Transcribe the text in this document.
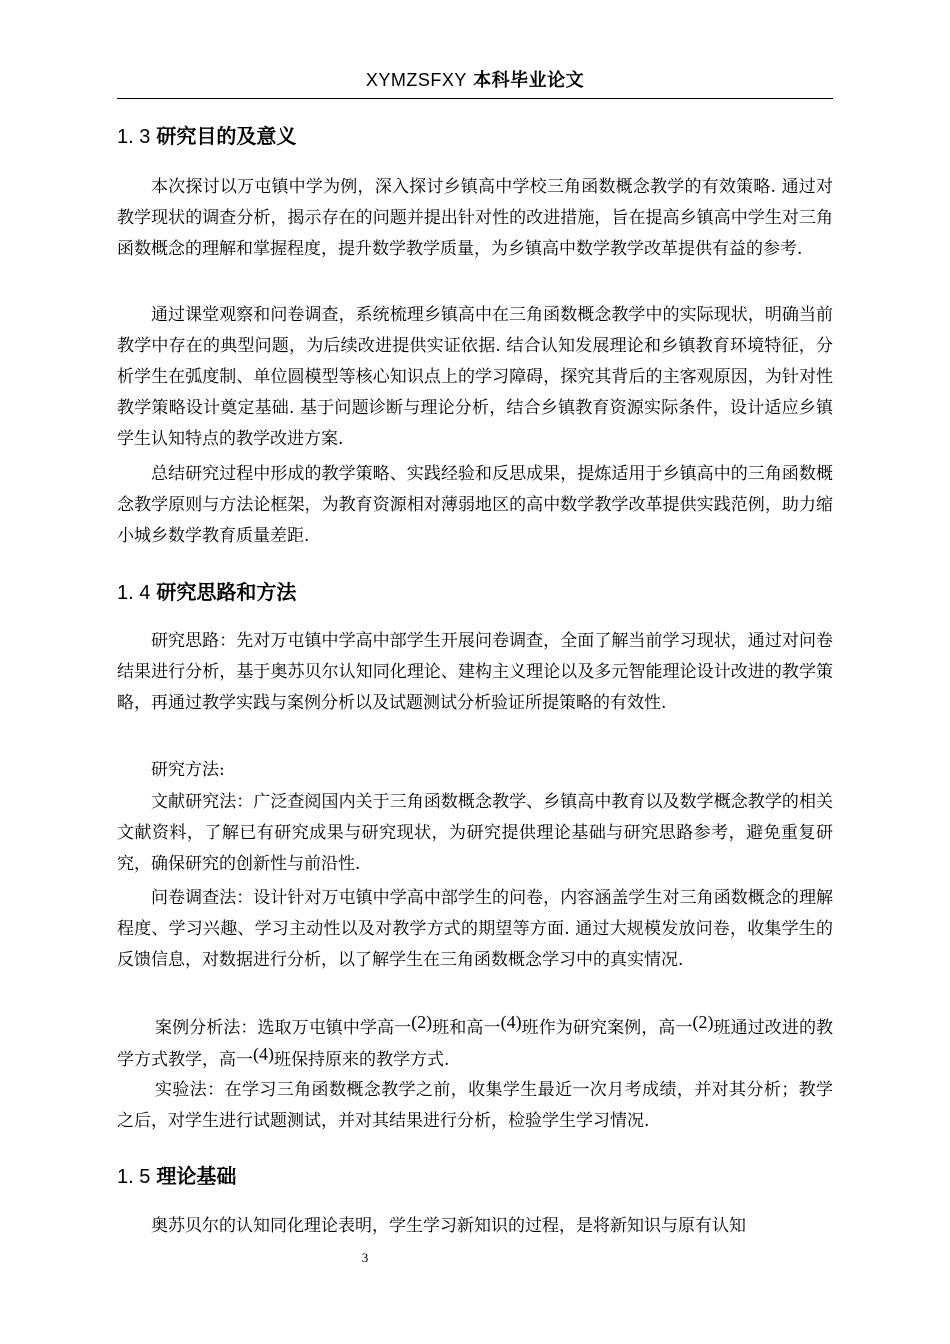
XYMZSFXY 本科毕业论文
1. 3 研究目的及意义

本次探讨以万屯镇中学为例，深入探讨乡镇高中学校三角函数概念教学的有效策略. 通过对教学现状的调查分析，揭示存在的问题并提出针对性的改进措施，旨在提高乡镇高中学生对三角函数概念的理解和掌握程度，提升数学教学质量，为乡镇高中数学教学改革提供有益的参考.

通过课堂观察和问卷调查，系统梳理乡镇高中在三角函数概念教学中的实际现状，明确当前教学中存在的典型问题，为后续改进提供实证依据. 结合认知发展理论和乡镇教育环境特征，分析学生在弧度制、单位圆模型等核心知识点上的学习障碍，探究其背后的主客观原因，为针对性教学策略设计奠定基础. 基于问题诊断与理论分析，结合乡镇教育资源实际条件，设计适应乡镇学生认知特点的教学改进方案.

总结研究过程中形成的教学策略、实践经验和反思成果，提炼适用于乡镇高中的三角函数概念教学原则与方法论框架，为教育资源相对薄弱地区的高中数学教学改革提供实践范例，助力缩小城乡数学教育质量差距.

1. 4 研究思路和方法

研究思路：先对万屯镇中学高中部学生开展问卷调查，全面了解当前学习现状，通过对问卷结果进行分析，基于奥苏贝尔认知同化理论、建构主义理论以及多元智能理论设计改进的教学策略，再通过教学实践与案例分析以及试题测试分析验证所提策略的有效性.

研究方法:

文献研究法：广泛查阅国内关于三角函数概念教学、乡镇高中教育以及数学概念教学的相关文献资料，了解已有研究成果与研究现状，为研究提供理论基础与研究思路参考，避免重复研究，确保研究的创新性与前沿性.

问卷调查法：设计针对万屯镇中学高中部学生的问卷，内容涵盖学生对三角函数概念的理解程度、学习兴趣、学习主动性以及对教学方式的期望等方面. 通过大规模发放问卷，收集学生的反馈信息，对数据进行分析，以了解学生在三角函数概念学习中的真实情况.

案例分析法：选取万屯镇中学高一(2)班和高一(4)班作为研究案例，高一(2)班通过改进的教学方式教学，高一(4)班保持原来的教学方式.

实验法：在学习三角函数概念教学之前，收集学生最近一次月考成绩，并对其分析；教学之后，对学生进行试题测试，并对其结果进行分析，检验学生学习情况.

1. 5 理论基础

奥苏贝尔的认知同化理论表明，学生学习新知识的过程，是将新知识与原有认知

3
